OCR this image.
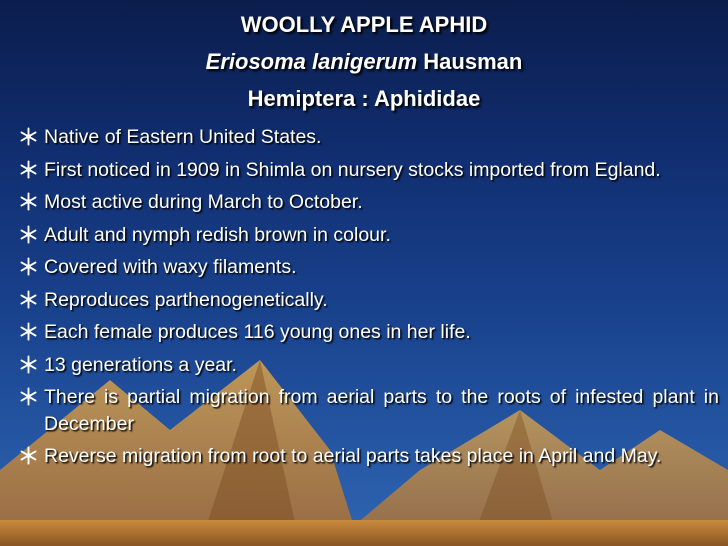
WOOLLY APPLE APHID
Eriosoma lanigerum Hausman
Hemiptera : Aphididae
Native of Eastern United States.
First noticed in 1909 in Shimla on nursery stocks imported from Egland.
Most active during March to October.
Adult and nymph redish brown in colour.
Covered with waxy filaments.
Reproduces parthenogenetically.
Each female produces 116 young ones in her life.
13 generations a year.
There is partial migration from aerial parts to the roots of infested plant in December
Reverse migration from root to aerial parts takes place in April and May.
